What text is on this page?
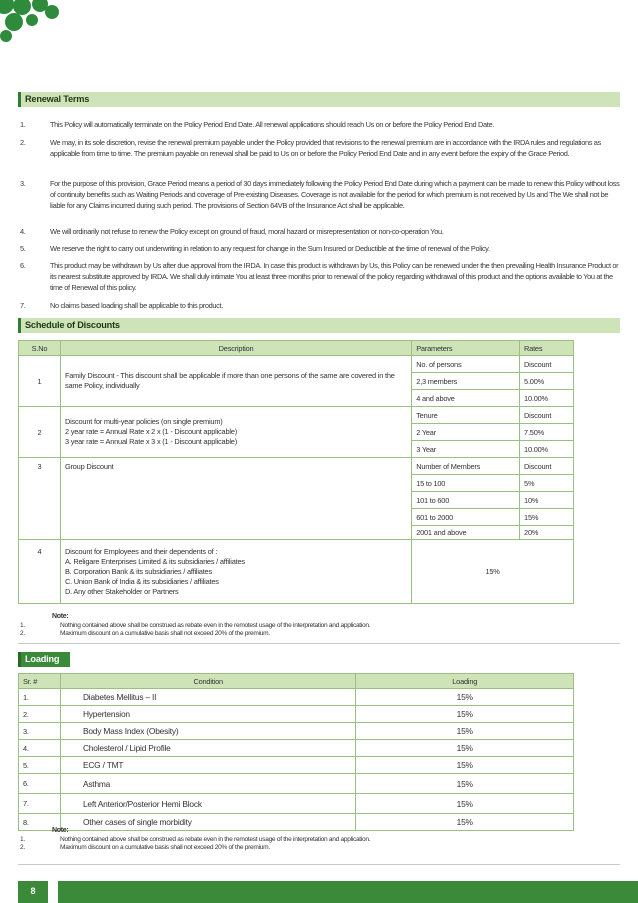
Renewal Terms
1.	This Policy will automatically terminate on the Policy Period End Date. All renewal applications should reach Us on or before the Policy Period End Date.
2.	We may, in its sole discretion, revise the renewal premium payable under the Policy provided that revisions to the renewal premium are in accordance with the IRDA rules and regulations as applicable from time to time. The premium payable on renewal shall be paid to Us on or before the Policy Period End Date and in any event before the expiry of the Grace Period.
3.	For the purpose of this provision, Grace Period means a period of 30 days immediately following the Policy Period End Date during which a payment can be made to renew this Policy without loss of continuity benefits such as Waiting Periods and coverage of Pre-existing Diseases. Coverage is not available for the period for which premium is not received by Us and The We shall not be liable for any Claims incurred during such period. The provisions of Section 64VB of the Insurance Act shall be applicable.
4.	We will ordinarily not refuse to renew the Policy except on ground of fraud, moral hazard or misrepresentation or non-co-operation You.
5.	We reserve the right to carry out underwriting in relation to any request for change in the Sum Insured or Deductible at the time of renewal of the Policy.
6.	This product may be withdrawn by Us after due approval from the IRDA. In case this product is withdrawn by Us, this Policy can be renewed under the then prevailing Health Insurance Product or its nearest substitute approved by IRDA. We shall duly intimate You at least three months prior to renewal of the policy regarding withdrawal of this product and the options available to You at the time of Renewal of this policy.
7.	No claims based loading shall be applicable to this product.
Schedule of Discounts
S.No	Description	Parameters	Rates
1	Family Discount - This discount shall be applicable if more than one persons of the same are covered in the same Policy, individually	No. of persons	Discount
		2,3 members	5.00%
		4 and above	10.00%
2	Discount for multi-year policies (on single premium)
2 year rate = Annual Rate x 2 x (1 - Discount applicable)
3 year rate = Annual Rate x 3 x (1 - Discount applicable)	Tenure	Discount
		2 Year	7.50%
		3 Year	10.00%
3	Group Discount	Number of Members	Discount
		15 to 100	5%
		101 to 600	10%
		601 to 2000	15%
		2001 and above	20%
4	Discount for Employees and their dependents of :
A. Religare Enterprises Limited & its subsidiaries / affiliates
B. Corporation Bank & its subsidiaries / affiliates
C. Union Bank of India & its subsidiaries / affiliates
D. Any other Stakeholder or Partners	15%	
Note:
1.	Nothing contained above shall be construed as rebate even in the remotest usage of the interpretation and application.
2.	Maximum discount on a cumulative basis shall not exceed 20% of the premium.
Loading
Sr. #	Condition	Loading
1.	Diabetes Mellitus – II	15%
2.	Hypertension	15%
3.	Body Mass Index (Obesity)	15%
4.	Cholesterol / Lipid Profile	15%
5.	ECG / TMT	15%
6.	Asthma	15%
7.	Left Anterior/Posterior Hemi Block	15%
8.	Other cases of single morbidity	15%
Note:
1.	Nothing contained above shall be construed as rebate even in the remotest usage of the interpretation and application.
2.	Maximum discount on a cumulative basis shall not exceed 20% of the premium.
8
